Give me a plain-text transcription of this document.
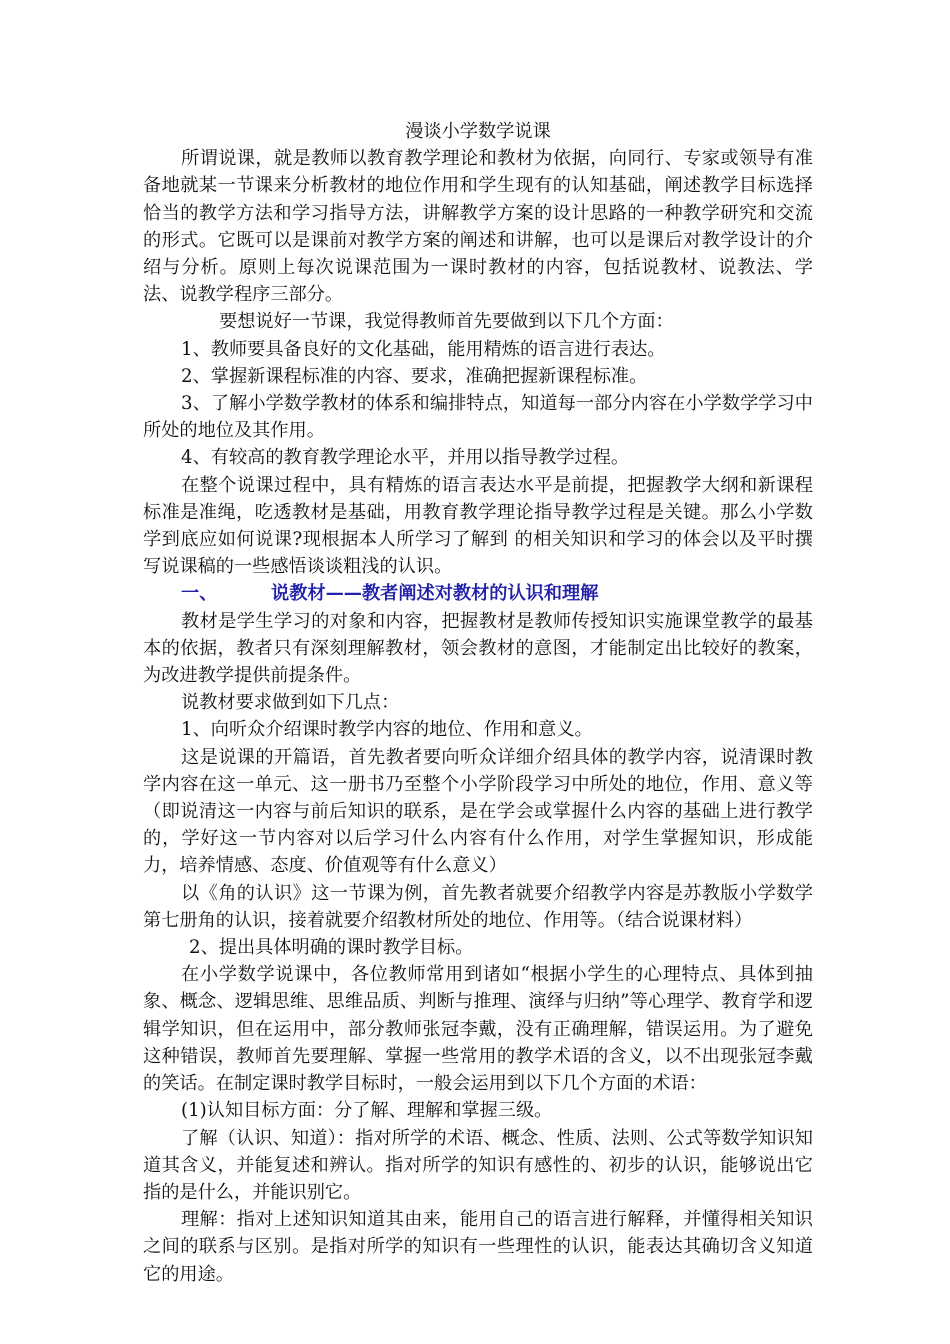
漫谈小学数学说课

所谓说课，就是教师以教育教学理论和教材为依据，向同行、专家或领导有准备地就某一节课来分析教材的地位作用和学生现有的认知基础，阐述教学目标选择恰当的教学方法和学习指导方法，讲解教学方案的设计思路的一种教学研究和交流的形式。它既可以是课前对教学方案的阐述和讲解，也可以是课后对教学设计的介绍与分析。原则上每次说课范围为一课时教材的内容，包括说教材、说教法、学法、说教学程序三部分。

要想说好一节课，我觉得教师首先要做到以下几个方面：

1、教师要具备良好的文化基础，能用精炼的语言进行表达。

2、掌握新课程标准的内容、要求，准确把握新课程标准。

3、了解小学数学教材的体系和编排特点，知道每一部分内容在小学数学学习中所处的地位及其作用。

4、有较高的教育教学理论水平，并用以指导教学过程。

在整个说课过程中，具有精炼的语言表达水平是前提，把握教学大纲和新课程标准是准绳，吃透教材是基础，用教育教学理论指导教学过程是关键。那么小学数学到底应如何说课?现根据本人所学习了解到 的相关知识和学习的体会以及平时撰写说课稿的一些感悟谈谈粗浅的认识。

一、	说教材——教者阐述对教材的认识和理解

教材是学生学习的对象和内容，把握教材是教师传授知识实施课堂教学的最基本的依据，教者只有深刻理解教材，领会教材的意图，才能制定出比较好的教案，为改进教学提供前提条件。

说教材要求做到如下几点：

1、向听众介绍课时教学内容的地位、作用和意义。

这是说课的开篇语，首先教者要向听众详细介绍具体的教学内容，说清课时教学内容在这一单元、这一册书乃至整个小学阶段学习中所处的地位，作用、意义等（即说清这一内容与前后知识的联系，是在学会或掌握什么内容的基础上进行教学的，学好这一节内容对以后学习什么内容有什么作用，对学生掌握知识，形成能力，培养情感、态度、价值观等有什么意义）

以《角的认识》这一节课为例，首先教者就要介绍教学内容是苏教版小学数学第七册角的认识，接着就要介绍教材所处的地位、作用等。（结合说课材料）

2、提出具体明确的课时教学目标。

在小学数学说课中，各位教师常用到诸如“根据小学生的心理特点、具体到抽象、概念、逻辑思维、思维品质、判断与推理、演绎与归纳”等心理学、教育学和逻辑学知识，但在运用中，部分教师张冠李戴，没有正确理解，错误运用。为了避免这种错误，教师首先要理解、掌握一些常用的教学术语的含义，以不出现张冠李戴的笑话。在制定课时教学目标时，一般会运用到以下几个方面的术语：

(1)认知目标方面：分了解、理解和掌握三级。

了解（认识、知道）：指对所学的术语、概念、性质、法则、公式等数学知识知道其含义，并能复述和辨认。指对所学的知识有感性的、初步的认识，能够说出它指的是什么，并能识别它。

理解：指对上述知识知道其由来，能用自己的语言进行解释，并懂得相关知识之间的联系与区别。是指对所学的知识有一些理性的认识，能表达其确切含义知道它的用途。
